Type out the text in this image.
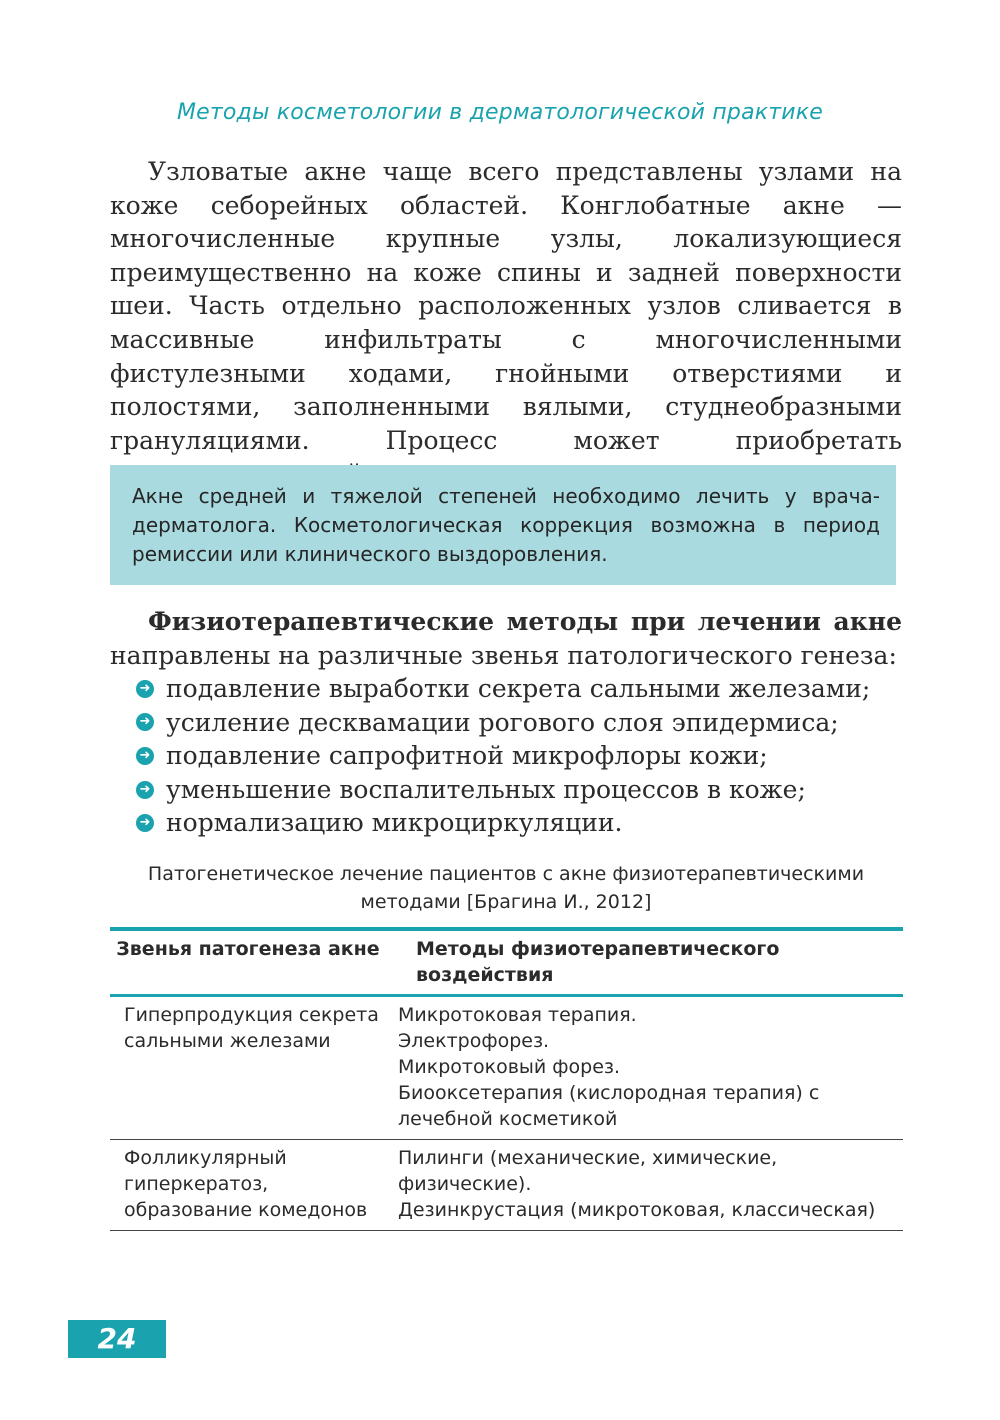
Методы косметологии в дерматологической практике

Узловатые акне чаще всего представлены узлами на коже себорейных областей. Конглобатные акне — многочисленные крупные узлы, локализующиеся преимущественно на коже спины и задней поверхности шеи. Часть отдельно расположенных узлов сливается в массивные инфильтраты с многочисленными фистулезными ходами, гнойными отверстиями и полостями, заполненными вялыми, студнеобразными грануляциями. Процесс может приобретать

Акне средней и тяжелой степеней необходимо лечить у врача-дерматолога. Косметологическая коррекция возможна в период ремиссии или клинического выздоровления.

Физиотерапевтические методы при лечении акне направлены на различные звенья патологического генеза:

➜ подавление выработки секрета сальными железами;
➜ усиление десквамации рогового слоя эпидермиса;
➜ подавление сапрофитной микрофлоры кожи;
➜ уменьшение воспалительных процессов в коже;
➜ нормализацию микроциркуляции.

Патогенетическое лечение пациентов с акне физиотерапевтическими методами [Брагина И., 2012]

Звенья патогенеза акне	Методы физиотерапевтического воздействия
Гиперпродукция секрета сальными железами	Микротоковая терапия.
Электрофорез.
Микротоковый форез.
Биооксетерапия (кислородная терапия) с лечебной косметикой

Фолликулярный гиперкератоз, образование комедонов	Пилинги (механические, химические, физические).
Дезинкрустация (микротоковая, классическая)
24
